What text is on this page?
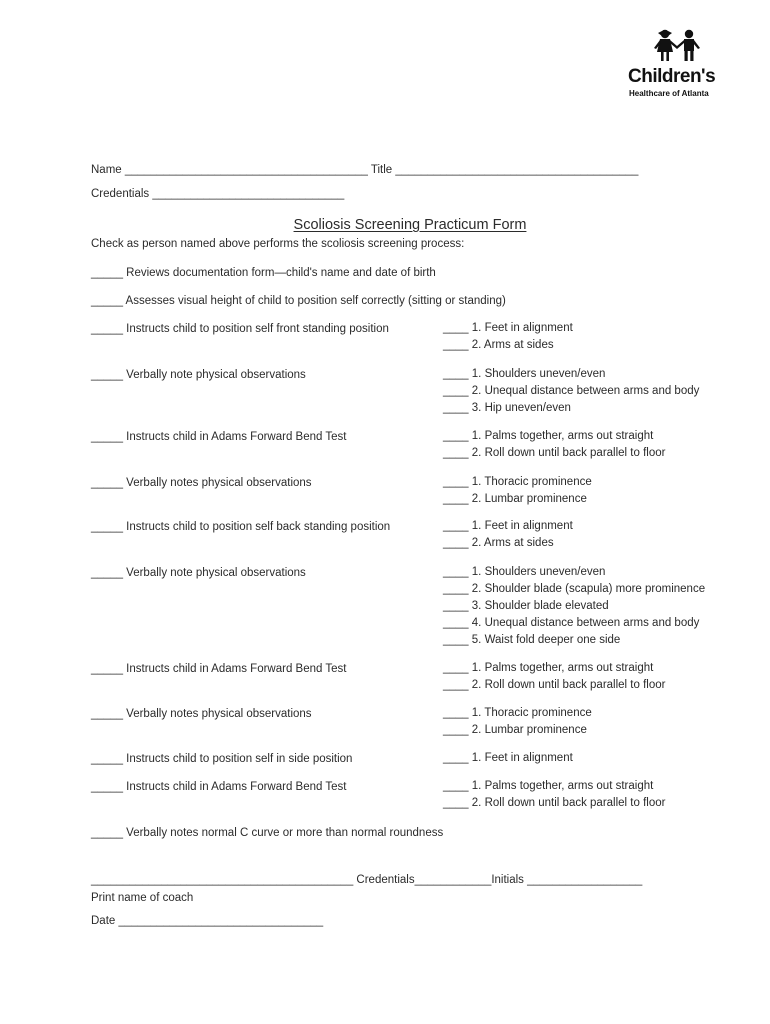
Children's
Healthcare of Atlanta
Name ______________________________________ Title ______________________________________
Credentials ______________________________
Scoliosis Screening Practicum Form
Check as person named above performs the scoliosis screening process:
_____ Reviews documentation form—child's name and date of birth
_____ Assesses visual height of child to position self correctly (sitting or standing)
_____ Instructs child to position self front standing position	____ 1. Feet in alignment
____ 2. Arms at sides
_____ Verbally note physical observations	____ 1. Shoulders uneven/even
____ 2. Unequal distance between arms and body
____ 3. Hip uneven/even
_____ Instructs child in Adams Forward Bend Test	____ 1. Palms together, arms out straight
____ 2. Roll down until back parallel to floor
_____ Verbally notes physical observations	____ 1. Thoracic prominence
____ 2. Lumbar prominence
_____ Instructs child to position self back standing position	____ 1. Feet in alignment
____ 2. Arms at sides
_____ Verbally note physical observations	____ 1. Shoulders uneven/even
____ 2. Shoulder blade (scapula) more prominence
____ 3. Shoulder blade elevated
____ 4. Unequal distance between arms and body
____ 5. Waist fold deeper one side
_____ Instructs child in Adams Forward Bend Test	____ 1. Palms together, arms out straight
____ 2. Roll down until back parallel to floor
_____ Verbally notes physical observations	____ 1. Thoracic prominence
____ 2. Lumbar prominence
_____ Instructs child to position self in side position	____ 1. Feet in alignment
_____ Instructs child in Adams Forward Bend Test	____ 1. Palms together, arms out straight
____ 2. Roll down until back parallel to floor
_____ Verbally notes normal C curve or more than normal roundness
_________________________________________ Credentials____________Initials __________________
Print name of coach
Date ________________________________
